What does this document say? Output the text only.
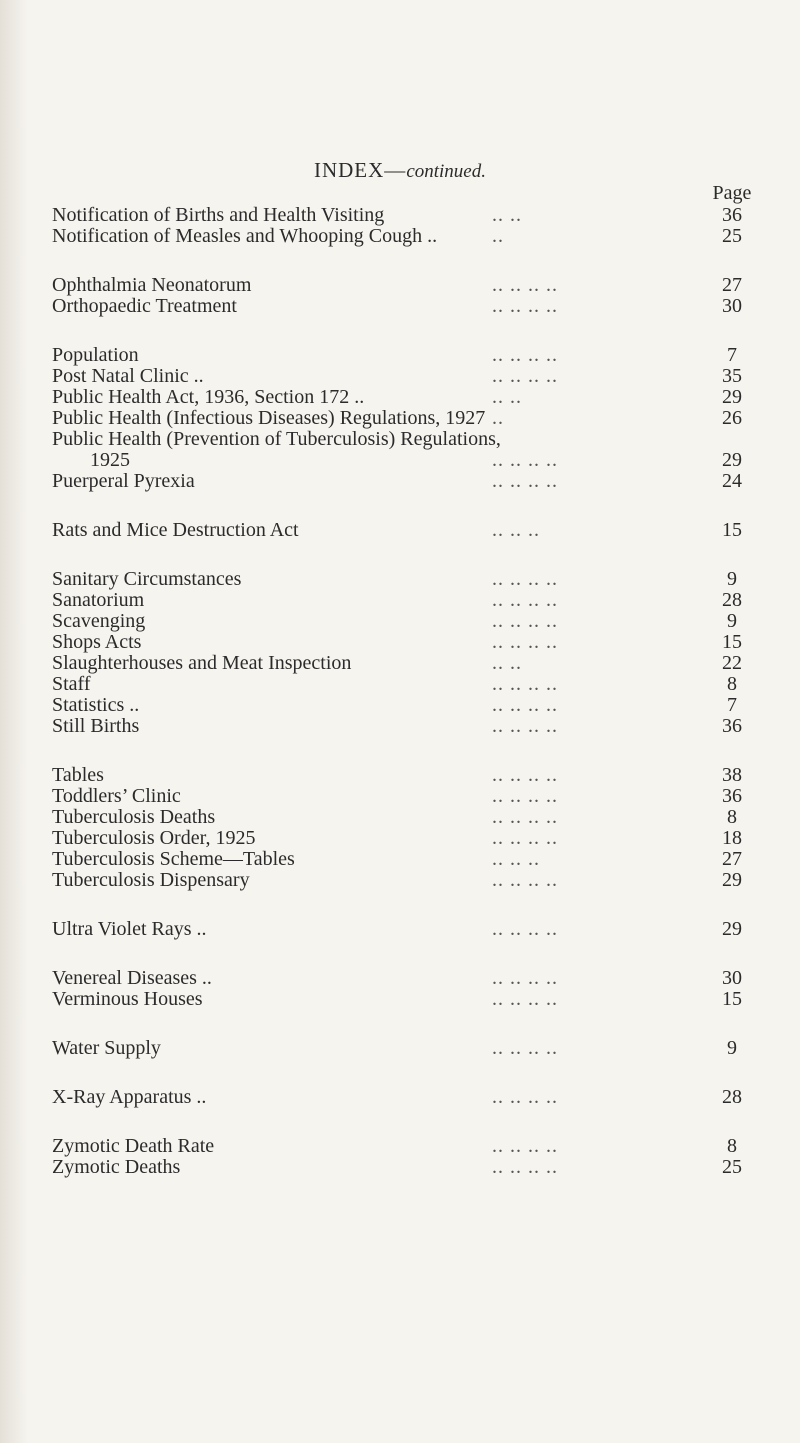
INDEX—continued.
Page
Notification of Births and Health Visiting	.. ..	36
Notification of Measles and Whooping Cough ..	..	25
Ophthalmia Neonatorum	.. .. .. ..	27
Orthopaedic Treatment	.. .. .. ..	30
Population	.. .. .. ..	7
Post Natal Clinic ..	.. .. .. ..	35
Public Health Act, 1936, Section 172 ..	.. ..	29
Public Health (Infectious Diseases) Regulations, 1927 ..	26
Public Health (Prevention of Tuberculosis) Regulations,
1925	.. .. .. ..	29
Puerperal Pyrexia	.. .. .. ..	24
Rats and Mice Destruction Act	.. .. ..	15
Sanitary Circumstances	.. .. .. ..	9
Sanatorium	.. .. .. ..	28
Scavenging	.. .. .. ..	9
Shops Acts	.. .. .. ..	15
Slaughterhouses and Meat Inspection	.. ..	22
Staff	.. .. .. ..	8
Statistics ..	.. .. .. ..	7
Still Births	.. .. .. ..	36
Tables	.. .. .. ..	38
Toddlers’ Clinic	.. .. .. ..	36
Tuberculosis Deaths	.. .. .. ..	8
Tuberculosis Order, 1925	.. .. .. ..	18
Tuberculosis Scheme—Tables	.. .. ..	27
Tuberculosis Dispensary	.. .. .. ..	29
Ultra Violet Rays ..	.. .. .. ..	29
Venereal Diseases ..	.. .. .. ..	30
Verminous Houses	.. .. .. ..	15
Water Supply	.. .. .. ..	9
X-Ray Apparatus ..	.. .. .. ..	28
Zymotic Death Rate	.. .. .. ..	8
Zymotic Deaths	.. .. .. ..	25
